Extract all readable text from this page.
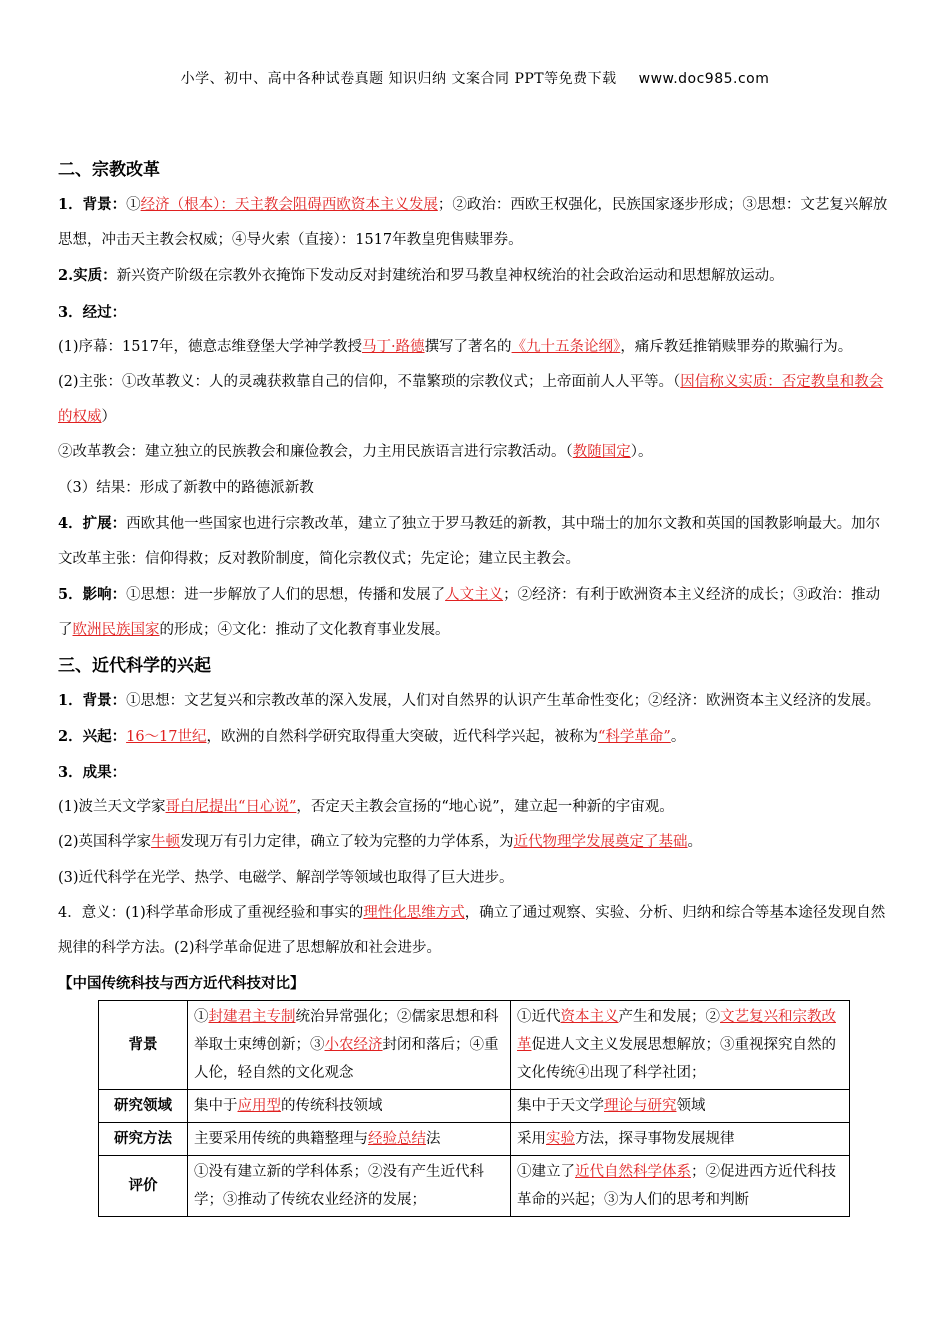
小学、初中、高中各种试卷真题 知识归纳 文案合同 PPT等免费下载 www.doc985.com
二、宗教改革

1．背景：①经济（根本）：天主教会阻碍西欧资本主义发展；②政治：西欧王权强化，民族国家逐步形成；③思想：文艺复兴解放思想，冲击天主教会权威；④导火索（直接）：1517年教皇兜售赎罪券。

2.实质：新兴资产阶级在宗教外衣掩饰下发动反对封建统治和罗马教皇神权统治的社会政治运动和思想解放运动。

3．经过：

(1)序幕：1517年，德意志维登堡大学神学教授马丁·路德撰写了著名的《九十五条论纲》，痛斥教廷推销赎罪券的欺骗行为。

(2)主张：①改革教义：人的灵魂获救靠自己的信仰，不靠繁琐的宗教仪式；上帝面前人人平等。（因信称义实质：否定教皇和教会的权威）

②改革教会：建立独立的民族教会和廉俭教会，力主用民族语言进行宗教活动。（教随国定）。

（3）结果：形成了新教中的路德派新教

4．扩展：西欧其他一些国家也进行宗教改革，建立了独立于罗马教廷的新教，其中瑞士的加尔文教和英国的国教影响最大。加尔文改革主张：信仰得救；反对教阶制度，简化宗教仪式；先定论；建立民主教会。

5．影响：①思想：进一步解放了人们的思想，传播和发展了人文主义；②经济：有利于欧洲资本主义经济的成长；③政治：推动了欧洲民族国家的形成；④文化：推动了文化教育事业发展。

三、近代科学的兴起

1．背景：①思想：文艺复兴和宗教改革的深入发展，人们对自然界的认识产生革命性变化；②经济：欧洲资本主义经济的发展。

2．兴起：16～17世纪，欧洲的自然科学研究取得重大突破，近代科学兴起，被称为“科学革命”。

3．成果：

(1)波兰天文学家哥白尼提出“日心说”，否定天主教会宣扬的“地心说”，建立起一种新的宇宙观。

(2)英国科学家牛顿发现万有引力定律，确立了较为完整的力学体系，为近代物理学发展奠定了基础。

(3)近代科学在光学、热学、电磁学、解剖学等领域也取得了巨大进步。

4．意义：(1)科学革命形成了重视经验和事实的理性化思维方式，确立了通过观察、实验、分析、归纳和综合等基本途径发现自然规律的科学方法。(2)科学革命促进了思想解放和社会进步。

【中国传统科技与西方近代科技对比】
背景	①封建君主专制统治异常强化；②儒家思想和科举取士束缚创新；③小农经济封闭和落后；④重人伦，轻自然的文化观念	①近代资本主义产生和发展；②文艺复兴和宗教改革促进人文主义发展思想解放；③重视探究自然的文化传统④出现了科学社团；
研究领域	集中于应用型的传统科技领域	集中于天文学理论与研究领域
研究方法	主要采用传统的典籍整理与经验总结法	采用实验方法，探寻事物发展规律
评价	①没有建立新的学科体系；②没有产生近代科学；③推动了传统农业经济的发展；	①建立了近代自然科学体系；②促进西方近代科技革命的兴起；③为人们的思考和判断
